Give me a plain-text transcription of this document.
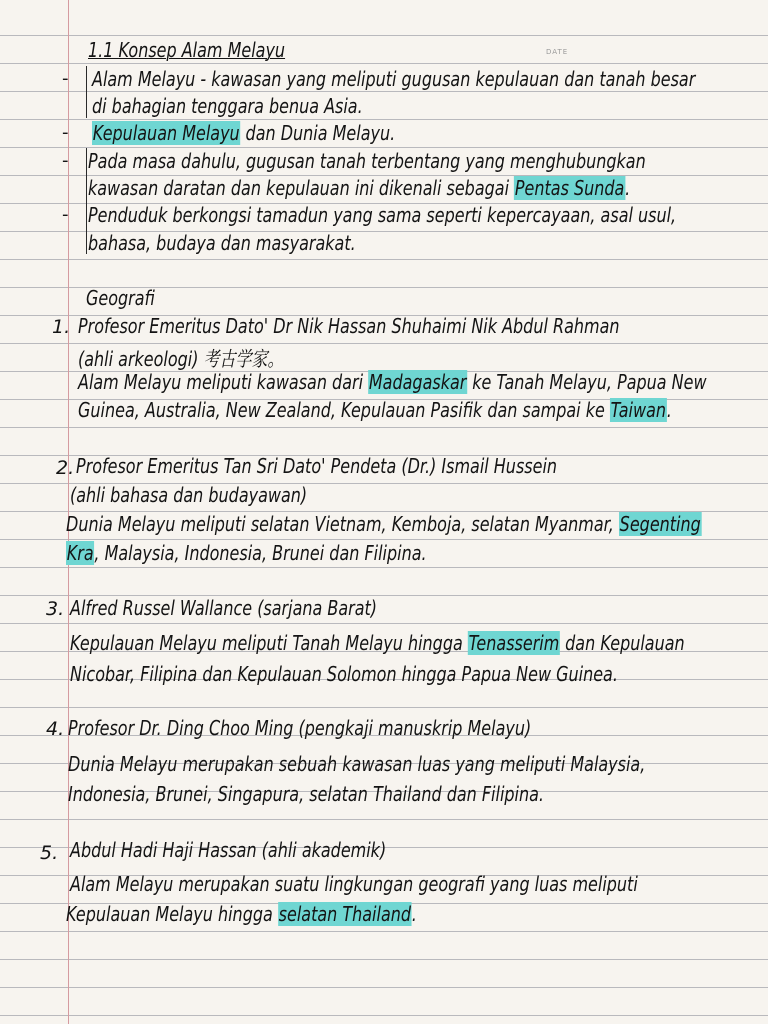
DATE
1.1 Konsep Alam Melayu
- Alam Melayu - kawasan yang meliputi gugusan kepulauan dan tanah besar
di bahagian tenggara benua Asia.
- Kepulauan Melayu dan Dunia Melayu.
- Pada masa dahulu, gugusan tanah terbentang yang menghubungkan
kawasan daratan dan kepulauan ini dikenali sebagai Pentas Sunda.
- Penduduk berkongsi tamadun yang sama seperti kepercayaan, asal usul,
bahasa, budaya dan masyarakat.
Geografi
1. Profesor Emeritus Dato' Dr Nik Hassan Shuhaimi Nik Abdul Rahman
(ahli arkeologi) 考古学家。
Alam Melayu meliputi kawasan dari Madagaskar ke Tanah Melayu, Papua New
Guinea, Australia, New Zealand, Kepulauan Pasifik dan sampai ke Taiwan.
2. Profesor Emeritus Tan Sri Dato' Pendeta (Dr.) Ismail Hussein
(ahli bahasa dan budayawan)
Dunia Melayu meliputi selatan Vietnam, Kemboja, selatan Myanmar, Segenting
Kra, Malaysia, Indonesia, Brunei dan Filipina.
3. Alfred Russel Wallance (sarjana Barat)
Kepulauan Melayu meliputi Tanah Melayu hingga Tenasserim dan Kepulauan
Nicobar, Filipina dan Kepulauan Solomon hingga Papua New Guinea.
4. Profesor Dr. Ding Choo Ming (pengkaji manuskrip Melayu)
Dunia Melayu merupakan sebuah kawasan luas yang meliputi Malaysia,
Indonesia, Brunei, Singapura, selatan Thailand dan Filipina.
5. Abdul Hadi Haji Hassan (ahli akademik)
Alam Melayu merupakan suatu lingkungan geografi yang luas meliputi
Kepulauan Melayu hingga selatan Thailand.
